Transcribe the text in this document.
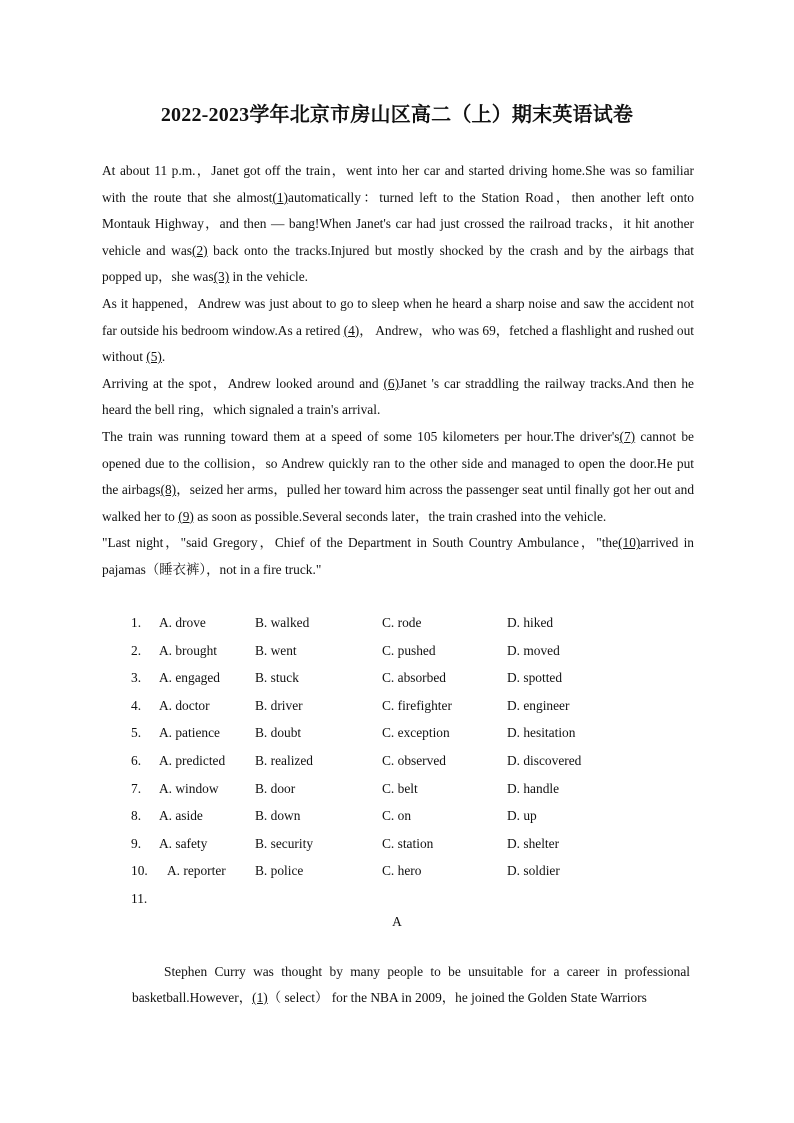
2022-2023学年北京市房山区高二（上）期末英语试卷

At about 11 p.m.，Janet got off the train，went into her car and started driving home.She was so familiar with the route that she almost(1)automatically：turned left to the Station Road，then another left onto Montauk Highway，and then — bang!When Janet's car had just crossed the railroad tracks，it hit another vehicle and was(2) back onto the tracks.Injured but mostly shocked by the crash and by the airbags that popped up，she was(3) in the vehicle.

As it happened，Andrew was just about to go to sleep when he heard a sharp noise and saw the accident not far outside his bedroom window.As a retired (4)， Andrew，who was 69，fetched a flashlight and rushed out without (5).

Arriving at the spot，Andrew looked around and (6)Janet 's car straddling the railway tracks.And then he heard the bell ring，which signaled a train's arrival.

The train was running toward them at a speed of some 105 kilometers per hour.The driver's(7) cannot be opened due to the collision，so Andrew quickly ran to the other side and managed to open the door.He put the airbags(8)，seized her arms，pulled her toward him across the passenger seat until finally got her out and walked her to (9) as soon as possible.Several seconds later，the train crashed into the vehicle.

"Last night，"said Gregory，Chief of the Department in South Country Ambulance，"the(10)arrived in pajamas（睡衣裤），not in a fire truck."

1. A. drove	B. walked	C. rode	D. hiked
2. A. brought	B. went	C. pushed	D. moved
3. A. engaged	B. stuck	C. absorbed	D. spotted
4. A. doctor	B. driver	C. firefighter	D. engineer
5. A. patience	B. doubt	C. exception	D. hesitation
6. A. predicted B. realized	C. observed	D. discovered
7. A. window	B. door	C. belt	D. handle
8. A. aside	B. down	C. on	D. up
9. A. safety	B. security	C. station	D. shelter
10. A. reporter B. police	C. hero	D. soldier
11.
A

Stephen Curry was thought by many people to be unsuitable for a career in professional basketball.However，(1)（ select） for the NBA in 2009，he joined the Golden State Warriors
